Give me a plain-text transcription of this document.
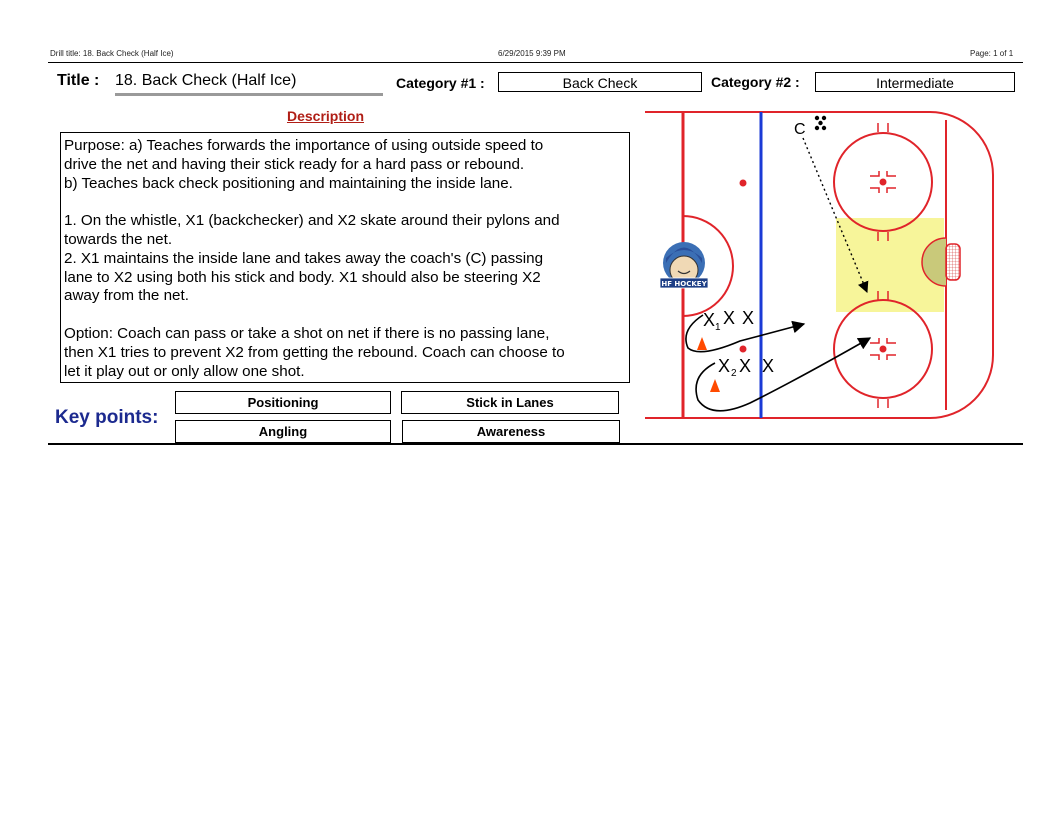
Drill title: 18. Back Check (Half Ice)	6/29/2015 9:39 PM	Page: 1 of 1
Title : 18. Back Check (Half Ice)	Category #1 :	Back Check	Category #2 :	Intermediate
Description

Purpose: a) Teaches forwards the importance of using outside speed to

drive the net and having their stick ready for a hard pass or rebound.

b) Teaches back check positioning and maintaining the inside lane.

1. On the whistle, X1 (backchecker) and X2 skate around their pylons and

towards the net.

2. X1 maintains the inside lane and takes away the coach's (C) passing

lane to X2 using both his stick and body. X1 should also be steering X2

away from the net.

Option: Coach can pass or take a shot on net if there is no passing lane,

then X1 tries to prevent X2 from getting the rebound. Coach can choose to

let it play out or only allow one shot.

Key points:
Positioning	Stick in Lanes
Angling	Awareness
HF HOCKEY
C
X 1 X X
X 2 X X
